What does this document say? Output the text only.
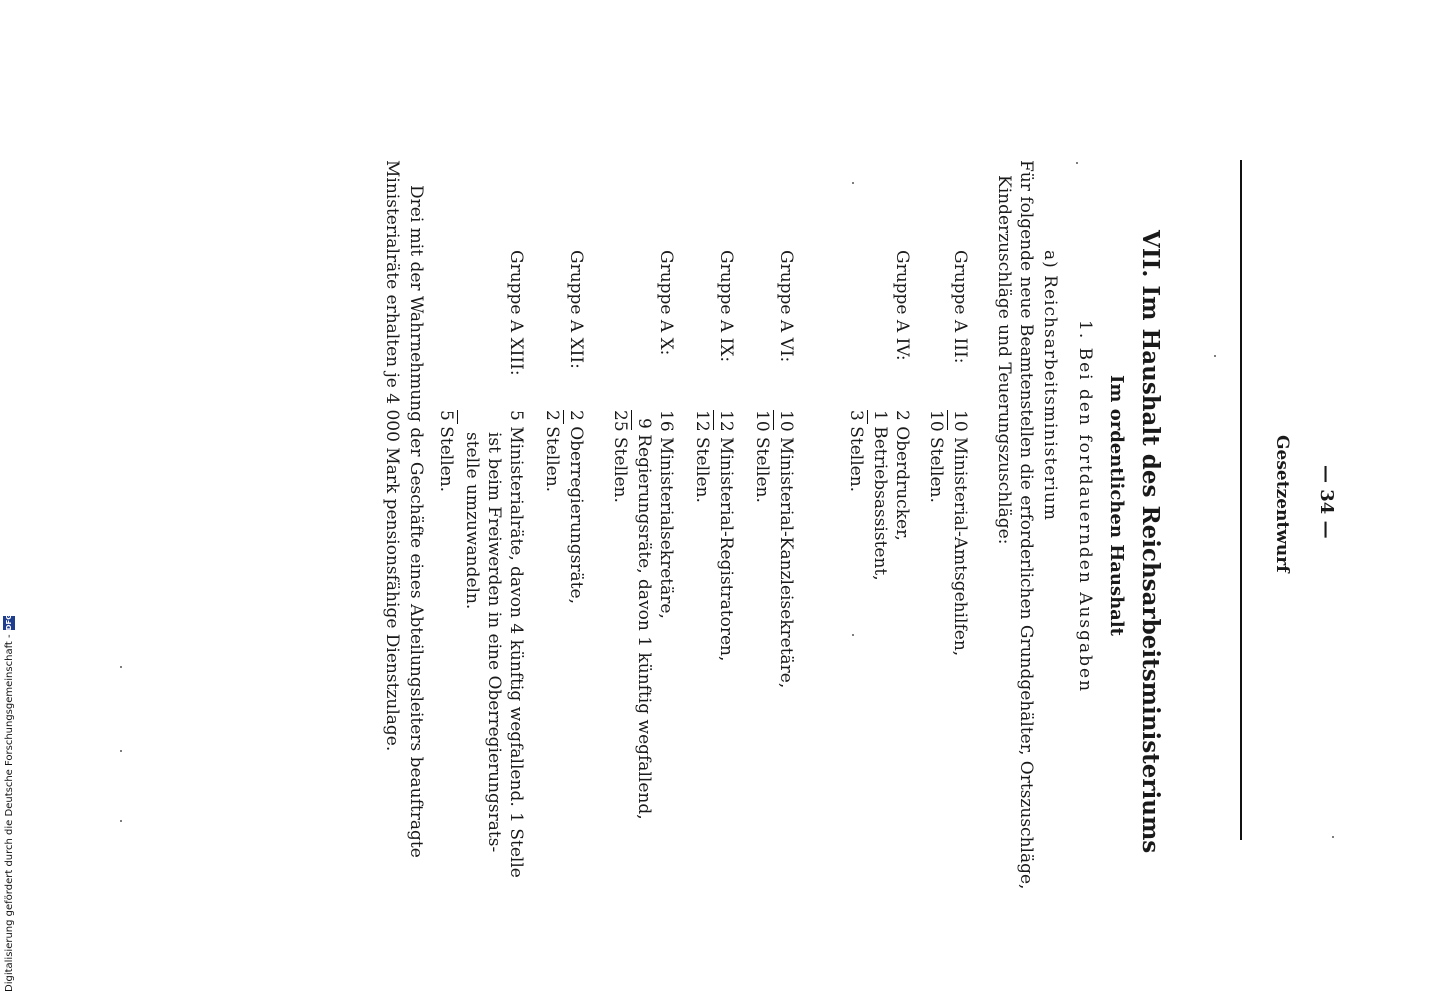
Gesetzentwurf — 34 —
VII. Im Haushalt des Reichsarbeitsministeriums
Im ordentlichen Haushalt
1. Bei den fortdauernden Ausgaben
a) Reichsarbeitsministerium
Für folgende neue Beamtenstellen die erforderlichen Grundgehälter, Ortszuschläge,
Kinderzuschläge und Teuerungszuschläge:
Gruppe A III:
10 Ministerial-Amtsgehilfen,
10 Stellen.
Gruppe A IV:
2 Oberdrucker,
1 Betriebsassistent,
3 Stellen.
Gruppe A VI:
10 Ministerial-Kanzleisekretäre,
10 Stellen.
Gruppe A IX:
12 Ministerial-Registratoren,
12 Stellen.
Gruppe A X:
16 Ministerialsekretäre,
9 Regierungsräte, davon 1 künftig wegfallend,
25 Stellen.
Gruppe A XII:
2 Oberregierungsräte,
2 Stellen.
Gruppe A XIII:
5 Ministerialräte, davon 4 künftig wegfallend. 1 Stelle
ist beim Freiwerden in eine Oberregierungsrats-
stelle umzuwandeln.
5 Stellen.
Drei mit der Wahrnehmung der Geschäfte eines Abteilungsleiters beauftragte
Ministerialräte erhalten je 4 000 Mark pensionsfähige Dienstzulage.
Digitalisierung gefördert durch die Deutsche Forschungsgemeinschaft -
DFG
